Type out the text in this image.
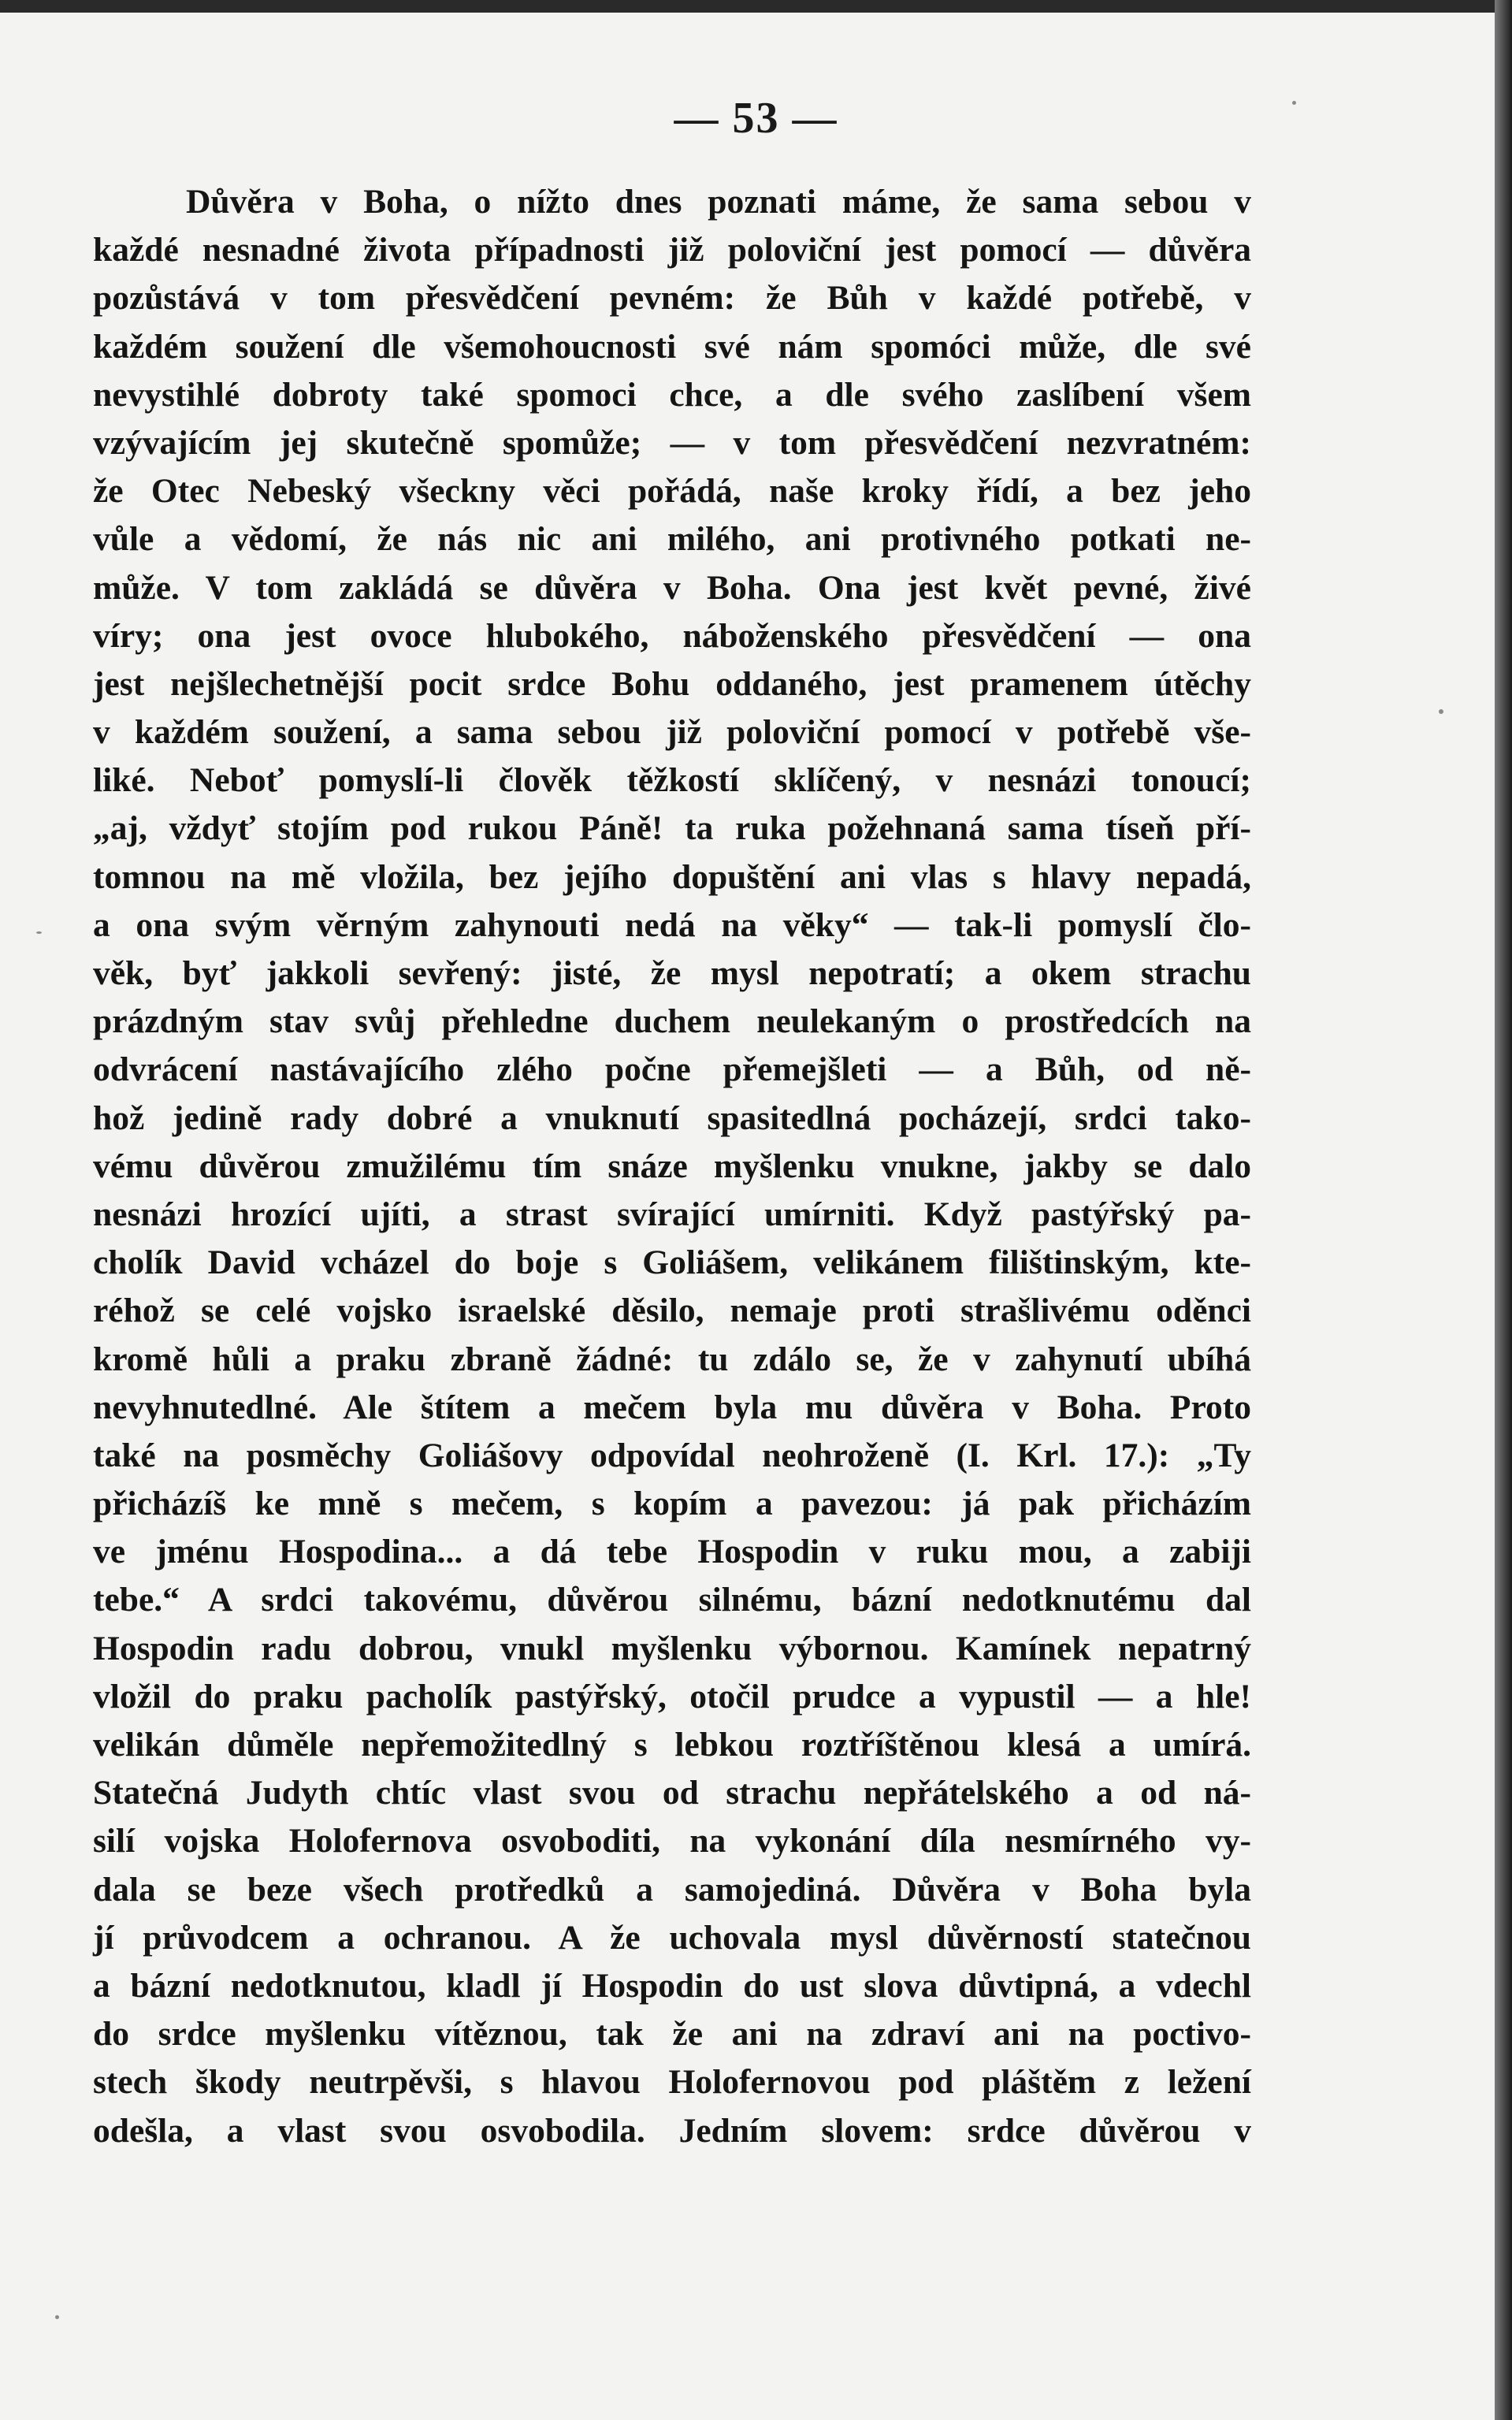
— 53 —
Důvěra v Boha, o nížto dnes poznati máme, že sama sebou v
každé nesnadné života případnosti již poloviční jest pomocí — důvěra
pozůstává v tom přesvědčení pevném: že Bůh v každé potřebě, v
každém soužení dle všemohoucnosti své nám spomóci může, dle své
nevystihlé dobroty také spomoci chce, a dle svého zaslíbení všem
vzývajícím jej skutečně spomůže; — v tom přesvědčení nezvratném:
že Otec Nebeský všeckny věci pořádá, naše kroky řídí, a bez jeho
vůle a vědomí, že nás nic ani milého, ani protivného potkati ne-
může. V tom zakládá se důvěra v Boha. Ona jest květ pevné, živé
víry; ona jest ovoce hlubokého, náboženského přesvědčení — ona
jest nejšlechetnější pocit srdce Bohu oddaného, jest pramenem útěchy
v každém soužení, a sama sebou již poloviční pomocí v potřebě vše-
liké. Neboť pomyslí-li člověk těžkostí sklíčený, v nesnázi tonoucí;
„aj, vždyť stojím pod rukou Páně! ta ruka požehnaná sama tíseň pří-
tomnou na mě vložila, bez jejího dopuštění ani vlas s hlavy nepadá,
a ona svým věrným zahynouti nedá na věky“ — tak-li pomyslí člo-
věk, byť jakkoli sevřený: jisté, že mysl nepotratí; a okem strachu
prázdným stav svůj přehledne duchem neulekaným o prostředcích na
odvrácení nastávajícího zlého počne přemejšleti — a Bůh, od ně-
hož jedině rady dobré a vnuknutí spasitedlná pocházejí, srdci tako-
vému důvěrou zmužilému tím snáze myšlenku vnukne, jakby se dalo
nesnázi hrozící ujíti, a strast svírající umírniti. Když pastýřský pa-
cholík David vcházel do boje s Goliášem, velikánem filištinským, kte-
réhož se celé vojsko israelské děsilo, nemaje proti strašlivému oděnci
kromě hůli a praku zbraně žádné: tu zdálo se, že v zahynutí ubíhá
nevyhnutedlné. Ale štítem a mečem byla mu důvěra v Boha. Proto
také na posměchy Goliášovy odpovídal neohroženě (I. Krl. 17.): „Ty
přicházíš ke mně s mečem, s kopím a pavezou: já pak přicházím
ve jménu Hospodina... a dá tebe Hospodin v ruku mou, a zabiji
tebe.“ A srdci takovému, důvěrou silnému, bázní nedotknutému dal
Hospodin radu dobrou, vnukl myšlenku výbornou. Kamínek nepatrný
vložil do praku pacholík pastýřský, otočil prudce a vypustil — a hle!
velikán důměle nepřemožitedlný s lebkou roztříštěnou klesá a umírá.
Statečná Judyth chtíc vlast svou od strachu nepřátelského a od ná-
silí vojska Holofernova osvoboditi, na vykonání díla nesmírného vy-
dala se beze všech protředků a samojediná. Důvěra v Boha byla
jí průvodcem a ochranou. A že uchovala mysl důvěrností statečnou
a bázní nedotknutou, kladl jí Hospodin do ust slova důvtipná, a vdechl
do srdce myšlenku vítěznou, tak že ani na zdraví ani na poctivo-
stech škody neutrpěvši, s hlavou Holofernovou pod pláštěm z ležení
odešla, a vlast svou osvobodila. Jedním slovem: srdce důvěrou v
